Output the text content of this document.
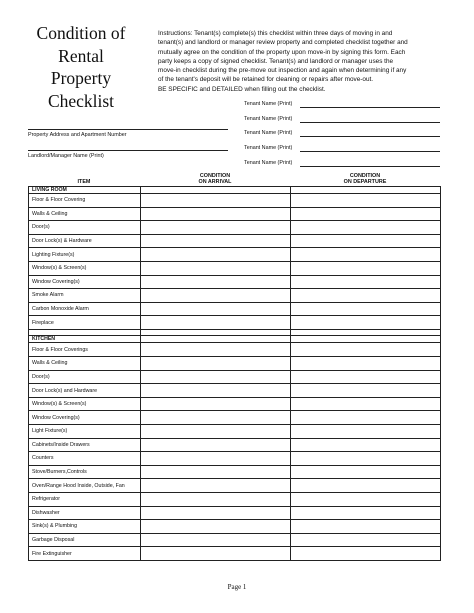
Condition of
Rental
Property
Checklist
Instructions: Tenant(s) complete(s) this checklist within three days of moving in and
tenant(s) and landlord or manager review property and completed checklist together and
mutually agree on the condition of the property upon move-in by signing this form. Each
party keeps a copy of signed checklist. Tenant(s) and landlord or manager uses the
move-in checklist during the pre-move out inspection and again when determining if any
of the tenant's deposit will be retained for cleaning or repairs after move-out.
BE SPECIFIC and DETAILED when filling out the checklist.
Tenant Name (Print)
Tenant Name (Print)
Tenant Name (Print)
Tenant Name (Print)
Tenant Name (Print)
Property Address and Apartment Number
Landlord/Manager Name (Print)
ITEM
CONDITION
ON ARRIVAL
CONDITION
ON DEPARTURE
LIVING ROOM		
Floor & Floor Covering		
Walls & Ceiling		
Door(s)		
Door Lock(s) & Hardware		
Lighting Fixture(s)		
Window(s) & Screen(s)		
Window Covering(s)		
Smoke Alarm		
Carbon Monoxide Alarm		
Fireplace		

KITCHEN		
Floor & Floor Coverings		
Walls & Ceiling		
Door(s)		
Door Lock(s) and Hardware		
Window(s) & Screen(s)		
Window Covering(s)		
Light Fixture(s)		
Cabinets/Inside Drawers		
Counters		
Stove/Burners,Controls		
Oven/Range Hood Inside, Outside, Fan		
Refrigerator		
Dishwasher		
Sink(s) & Plumbing		
Garbage Disposal		
Fire Extinguisher		
Page 1
